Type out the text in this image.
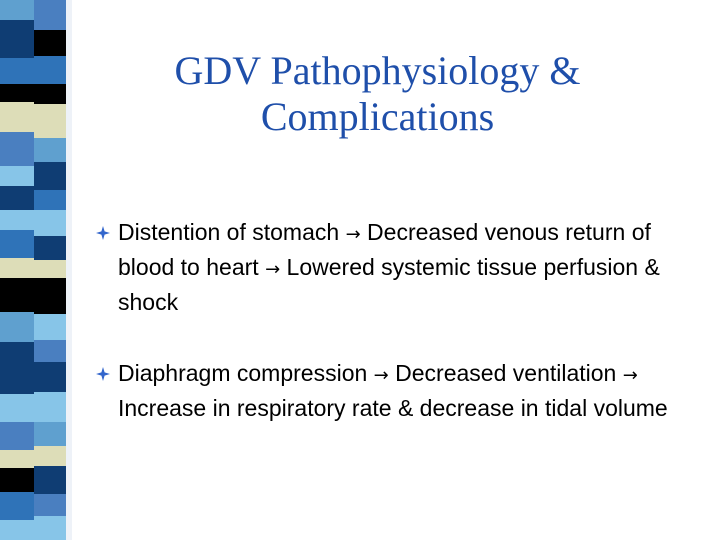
GDV Pathophysiology &
Complications
Distention of stomach → Decreased venous return of blood to heart → Lowered systemic tissue perfusion & shock
Diaphragm compression → Decreased ventilation → Increase in respiratory rate & decrease in tidal volume
